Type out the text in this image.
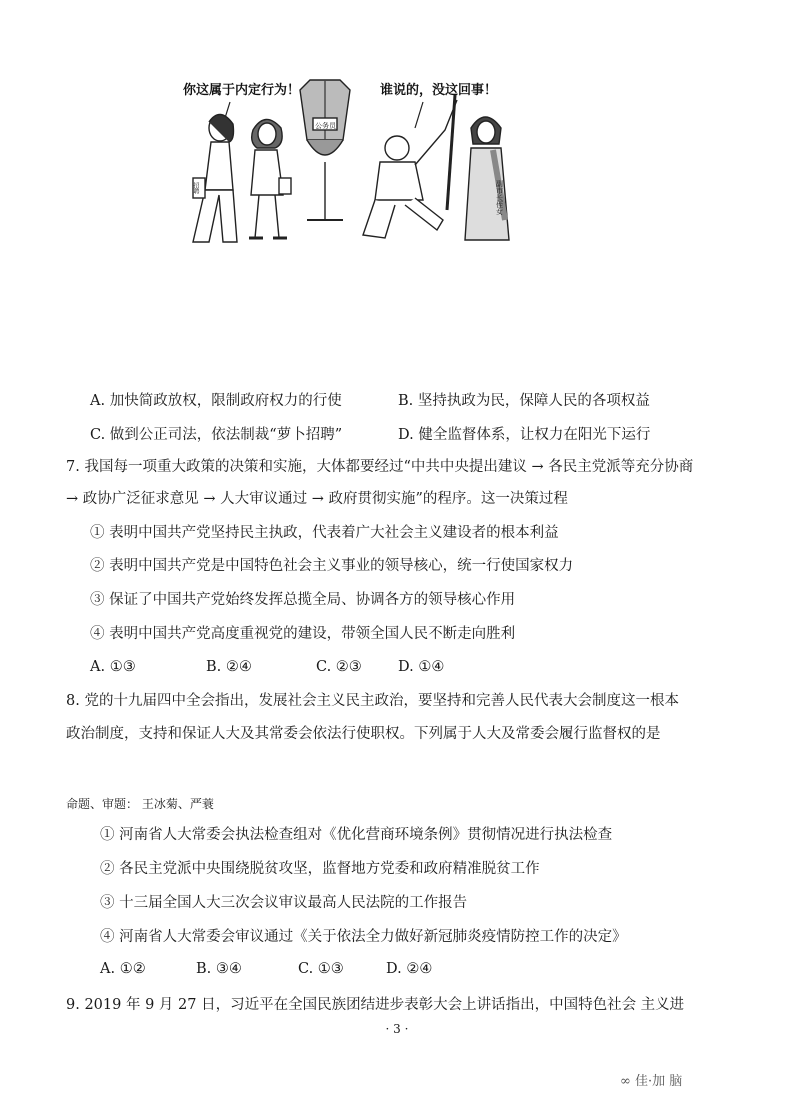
你这属于内定行为！	谁说的，没这回事！
公务员
副市长侄女
招聘
A. 加快简政放权，限制政府权力的行使	B. 坚持执政为民，保障人民的各项权益
C. 做到公正司法，依法制裁“萝卜招聘”	D. 健全监督体系，让权力在阳光下运行
7. 我国每一项重大政策的决策和实施，大体都要经过“中共中央提出建议 → 各民主党派等充分协商
→ 政协广泛征求意见 → 人大审议通过 → 政府贯彻实施”的程序。这一决策过程
① 表明中国共产党坚持民主执政，代表着广大社会主义建设者的根本利益
② 表明中国共产党是中国特色社会主义事业的领导核心，统一行使国家权力
③ 保证了中国共产党始终发挥总揽全局、协调各方的领导核心作用
④ 表明中国共产党高度重视党的建设，带领全国人民不断走向胜利
A. ①③	B. ②④	C. ②③ D. ①④
8. 党的十九届四中全会指出，发展社会主义民主政治，要坚持和完善人民代表大会制度这一根本
政治制度，支持和保证人大及其常委会依法行使职权。下列属于人大及常委会履行监督权的是
命题、审题： 王冰菊、严蓑
① 河南省人大常委会执法检查组对《优化营商环境条例》贯彻情况进行执法检查
② 各民主党派中央围绕脱贫攻坚，监督地方党委和政府精准脱贫工作
③ 十三届全国人大三次会议审议最高人民法院的工作报告
④ 河南省人大常委会审议通过《关于依法全力做好新冠肺炎疫情防控工作的决定》
A. ①②	B. ③④	C. ①③	D. ②④
9. 2019 年 9 月 27 日，习近平在全国民族团结进步表彰大会上讲话指出，中国特色社会 主义进
· 3 ·
∞ 佳·加 脑
